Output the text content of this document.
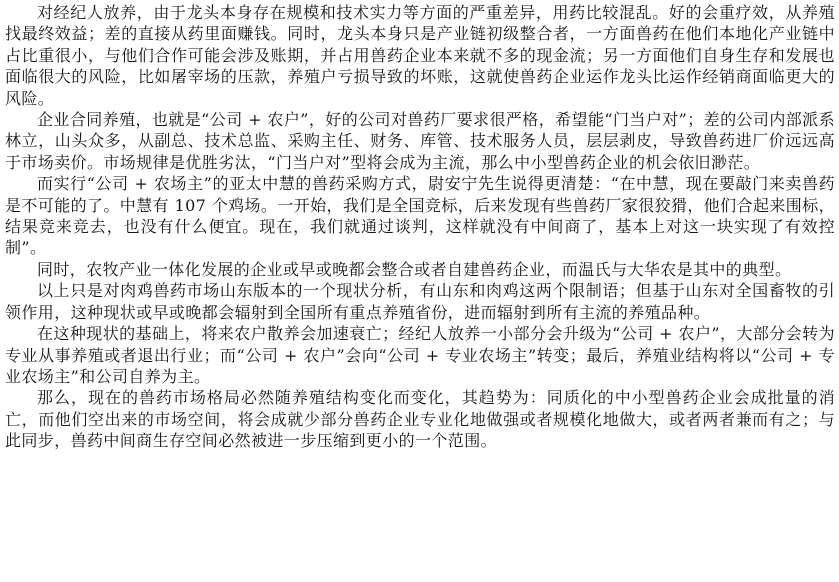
对经纪人放养，由于龙头本身存在规模和技术实力等方面的严重差异，用药比较混乱。好的会重疗效，从养殖找最终效益；差的直接从药里面赚钱。同时，龙头本身只是产业链初级整合者，一方面兽药在他们本地化产业链中占比重很小，与他们合作可能会涉及账期，并占用兽药企业本来就不多的现金流；另一方面他们自身生存和发展也面临很大的风险，比如屠宰场的压款，养殖户亏损导致的坏账，这就使兽药企业运作龙头比运作经销商面临更大的风险。

企业合同养殖，也就是“公司 + 农户”，好的公司对兽药厂要求很严格，希望能“门当户对”；差的公司内部派系林立，山头众多，从副总、技术总监、采购主任、财务、库管、技术服务人员，层层剥皮，导致兽药进厂价远远高于市场卖价。市场规律是优胜劣汰，“门当户对”型将会成为主流，那么中小型兽药企业的机会依旧渺茫。

而实行“公司 + 农场主”的亚太中慧的兽药采购方式，尉安宁先生说得更清楚：“在中慧，现在要敲门来卖兽药是不可能的了。中慧有 107 个鸡场。一开始，我们是全国竞标，后来发现有些兽药厂家很狡猾，他们合起来围标，结果竞来竞去，也没有什么便宜。现在，我们就通过谈判，这样就没有中间商了，基本上对这一块实现了有效控制”。

同时，农牧产业一体化发展的企业或早或晚都会整合或者自建兽药企业，而温氏与大华农是其中的典型。

以上只是对肉鸡兽药市场山东版本的一个现状分析，有山东和肉鸡这两个限制语；但基于山东对全国畜牧的引领作用，这种现状或早或晚都会辐射到全国所有重点养殖省份，进而辐射到所有主流的养殖品种。

在这种现状的基础上，将来农户散养会加速衰亡；经纪人放养一小部分会升级为“公司 + 农户”，大部分会转为专业从事养殖或者退出行业；而“公司 + 农户”会向“公司 + 专业农场主”转变；最后，养殖业结构将以“公司 + 专业农场主”和公司自养为主。

那么，现在的兽药市场格局必然随养殖结构变化而变化，其趋势为：同质化的中小型兽药企业会成批量的消亡，而他们空出来的市场空间，将会成就少部分兽药企业专业化地做强或者规模化地做大，或者两者兼而有之；与此同步，兽药中间商生存空间必然被进一步压缩到更小的一个范围。
